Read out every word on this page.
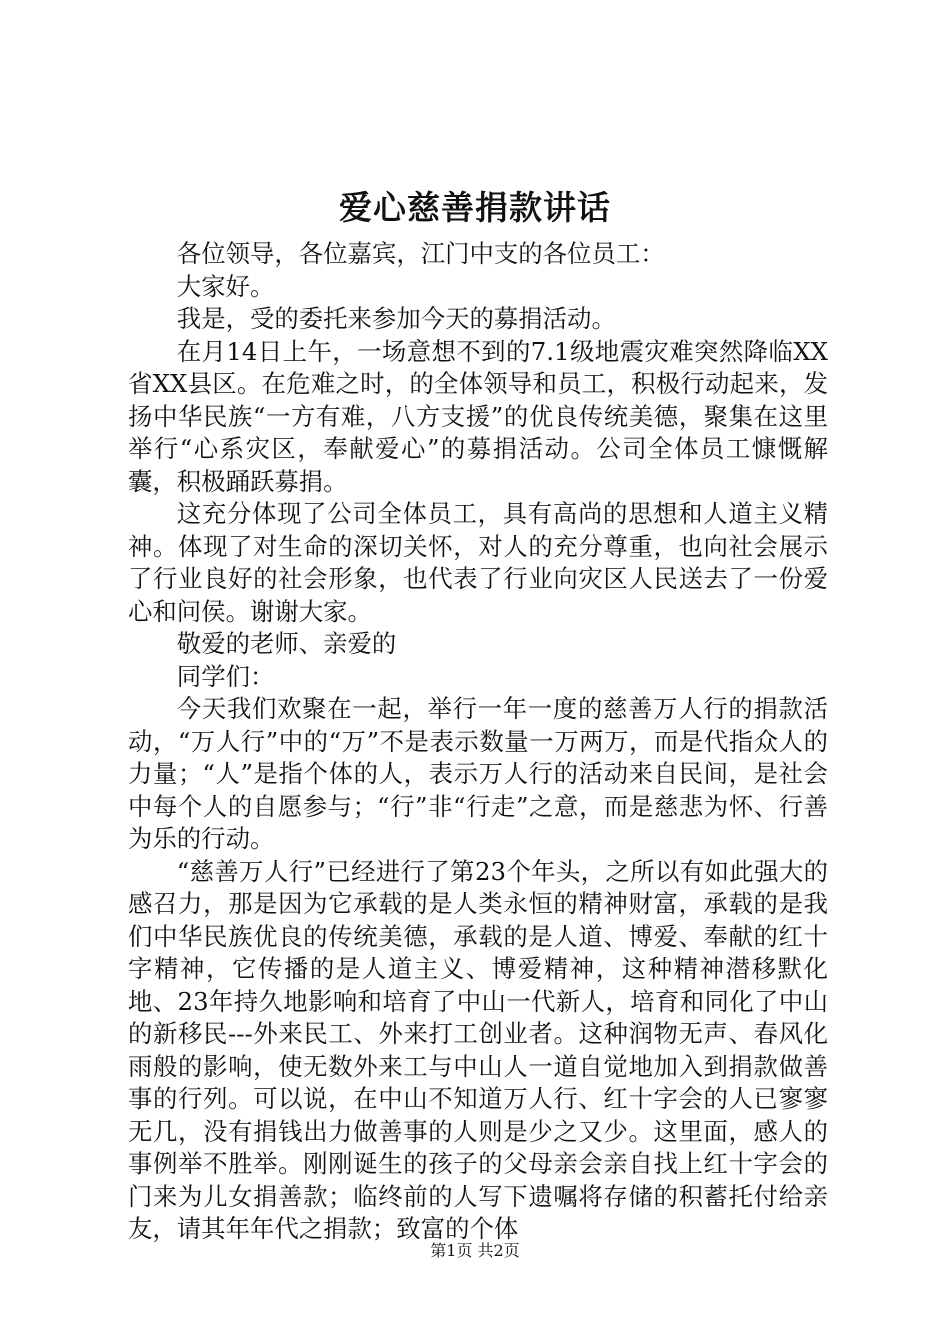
爱心慈善捐款讲话

各位领导，各位嘉宾，江门中支的各位员工：

大家好。

我是，受的委托来参加今天的募捐活动。

在月14日上午，一场意想不到的7.1级地震灾难突然降临XX省XX县区。在危难之时，的全体领导和员工，积极行动起来，发扬中华民族“一方有难，八方支援”的优良传统美德，聚集在这里举行“心系灾区，奉献爱心”的募捐活动。公司全体员工慷慨解囊，积极踊跃募捐。

这充分体现了公司全体员工，具有高尚的思想和人道主义精神。体现了对生命的深切关怀，对人的充分尊重，也向社会展示了行业良好的社会形象，也代表了行业向灾区人民送去了一份爱心和问侯。谢谢大家。

敬爱的老师、亲爱的

同学们：

今天我们欢聚在一起，举行一年一度的慈善万人行的捐款活动，“万人行”中的“万”不是表示数量一万两万，而是代指众人的力量；“人”是指个体的人，表示万人行的活动来自民间，是社会中每个人的自愿参与；“行”非“行走”之意，而是慈悲为怀、行善为乐的行动。

“慈善万人行”已经进行了第23个年头，之所以有如此强大的感召力，那是因为它承载的是人类永恒的精神财富，承载的是我们中华民族优良的传统美德，承载的是人道、博爱、奉献的红十字精神，它传播的是人道主义、博爱精神，这种精神潜移默化地、23年持久地影响和培育了中山一代新人，培育和同化了中山的新移民---外来民工、外来打工创业者。这种润物无声、春风化雨般的影响，使无数外来工与中山人一道自觉地加入到捐款做善事的行列。可以说，在中山不知道万人行、红十字会的人已寥寥无几，没有捐钱出力做善事的人则是少之又少。这里面，感人的事例举不胜举。刚刚诞生的孩子的父母亲会亲自找上红十字会的门来为儿女捐善款；临终前的人写下遗嘱将存储的积蓄托付给亲友，请其年年代之捐款；致富的个体

第1页 共2页
